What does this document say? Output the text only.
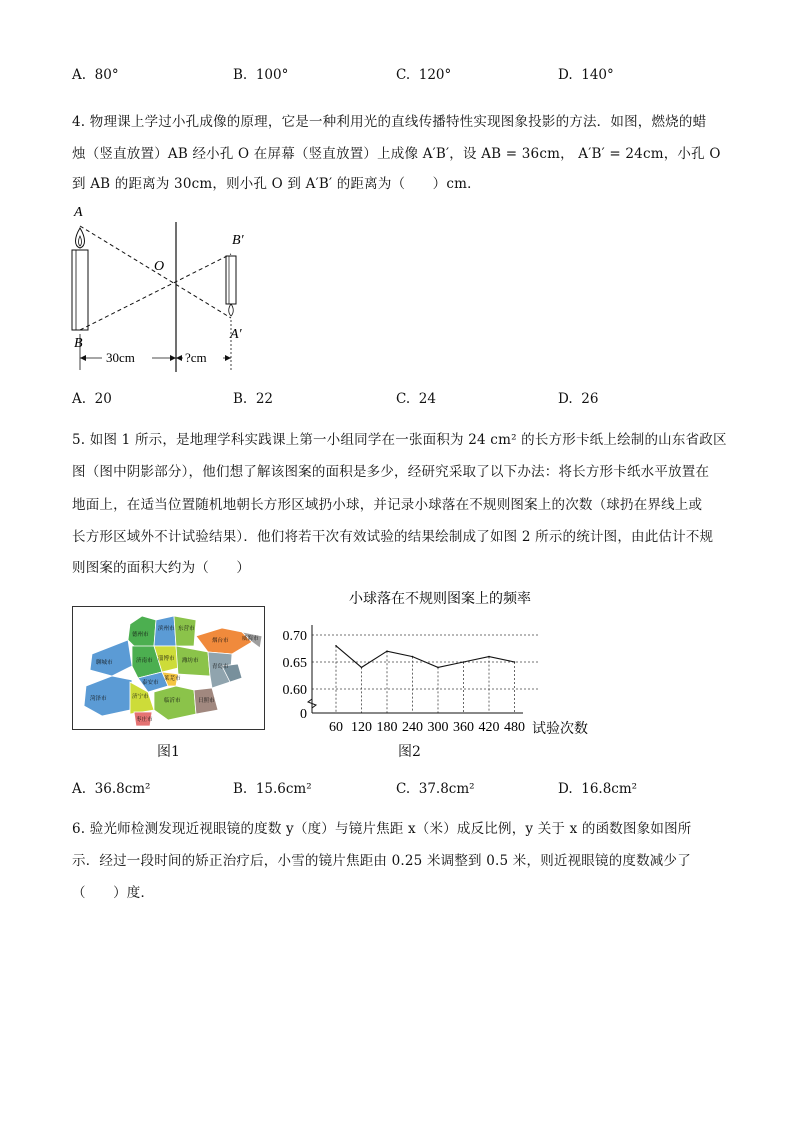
A. 80°	B. 100°	C. 120°	D. 140°
4. 物理课上学过小孔成像的原理，它是一种利用光的直线传播特性实现图象投影的方法．如图，燃烧的蜡
烛（竖直放置）AB 经小孔 O 在屏幕（竖直放置）上成像 A′B′，设 AB = 36cm， A′B′ = 24cm，小孔 O
到 AB 的距离为 30cm，则小孔 O 到 A′B′ 的距离为（　　）cm．
A
B
O
B′
A′
30cm	?cm
A. 20	B. 22	C. 24	D. 26
5. 如图 1 所示，是地理学科实践课上第一小组同学在一张面积为 24 cm² 的长方形卡纸上绘制的山东省政区
图（图中阴影部分），他们想了解该图案的面积是多少，经研究采取了以下办法：将长方形卡纸水平放置在
地面上，在适当位置随机地朝长方形区域扔小球，并记录小球落在不规则图案上的次数（球扔在界线上或
长方形区域外不计试验结果）．他们将若干次有效试验的结果绘制成了如图 2 所示的统计图，由此估计不规
则图案的面积大约为（　　）
德州市
滨州市 东营市
烟台市 威海市
聊城市	济南市 淄博市 潍坊市
青岛市
泰安市
莱芜市
济宁市
临沂市	日照市
菏泽市
枣庄市
图1
小球落在不规则图案上的频率
0
0.60
0.65
0.70
60 120 180 240 300 360 420 480 试验次数
图2
A. 36.8cm²	B. 15.6cm²	C. 37.8cm²	D. 16.8cm²
6. 验光师检测发现近视眼镜的度数 y（度）与镜片焦距 x（米）成反比例，y 关于 x 的函数图象如图所
示．经过一段时间的矫正治疗后，小雪的镜片焦距由 0.25 米调整到 0.5 米，则近视眼镜的度数减少了
（　　）度．
